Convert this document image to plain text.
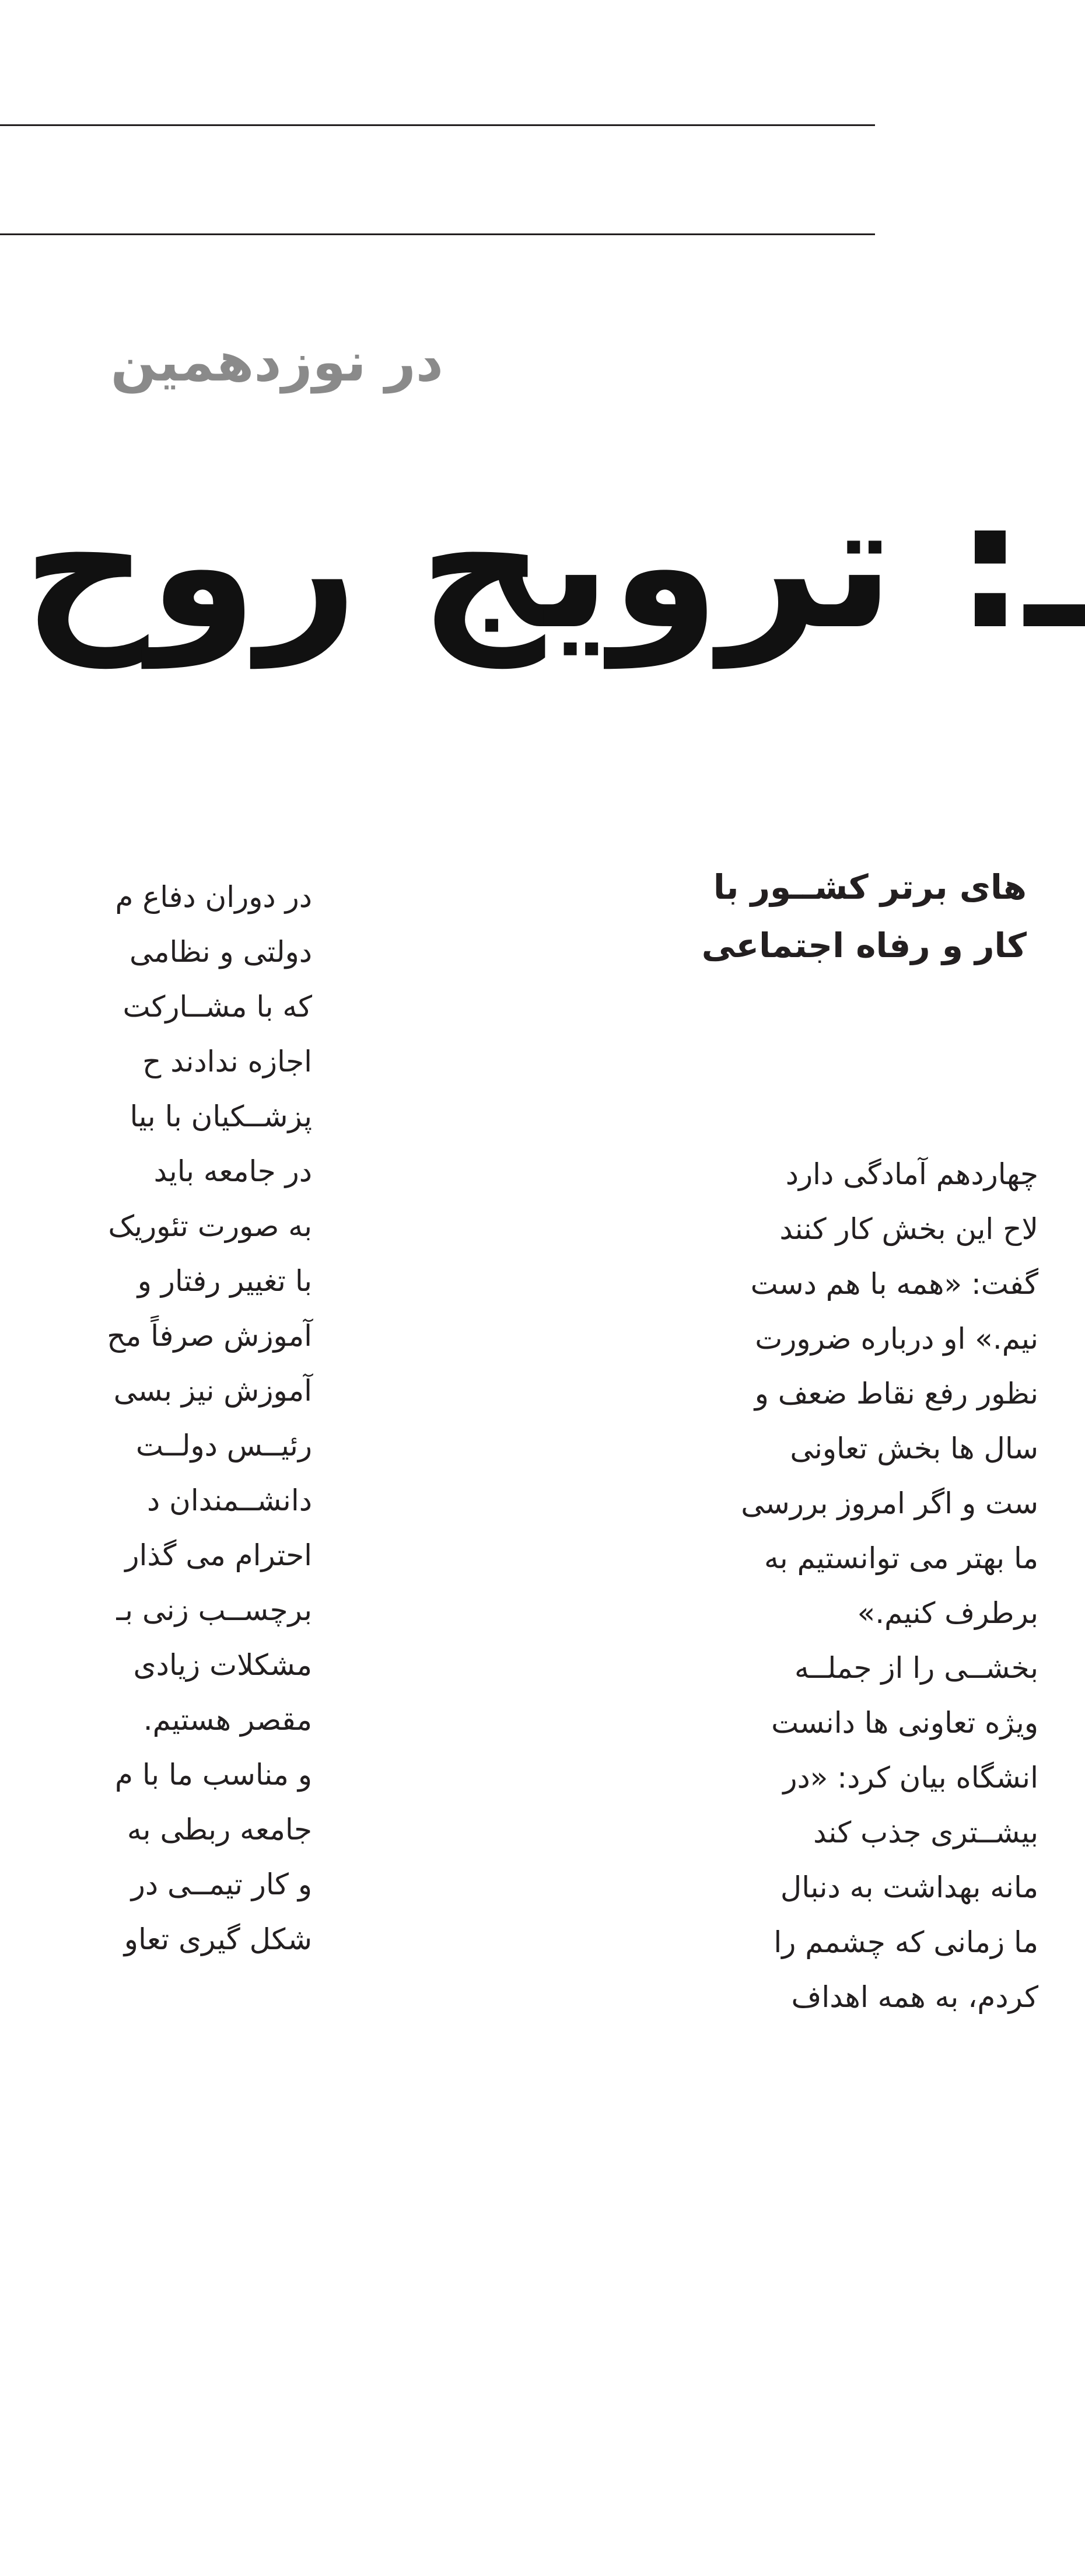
در نوزدهمین
ـ: ترویج روح
های برتر کشــور با
کار و رفاه اجتماعی
در دوران دفاع م
دولتی و نظامی
که با مشــارکت
اجازه ندادند ح
پزشــکیان با بیا
در جامعه باید
به صورت تئوریک
با تغییر رفتار و
آموزش صرفاً مح
آموزش نیز بسی
رئیــس دولــت
دانشــمندان د
احترام می گذار
برچســب زنی بـ
مشکلات زیادی
مقصر هستیم.
و مناسب ما با م
جامعه ربطی به
و کار تیمــی در
شکل گیری تعاو
چهاردهم آمادگی دارد
لاح این بخش کار کنند
گفت: «همه با هم دست
نیم.» او درباره ضرورت
نظور رفع نقاط ضعف و
سال ها بخش تعاونی
ست و اگر امروز بررسی
ما بهتر می توانستیم به
برطرف کنیم.»
بخشــی را از جملــه
ویژه تعاونی ها دانست
انشگاه بیان کرد: «در
بیشــتری جذب کند
مانه بهداشت به دنبال
ما زمانی که چشمم را
کردم، به همه اهداف
